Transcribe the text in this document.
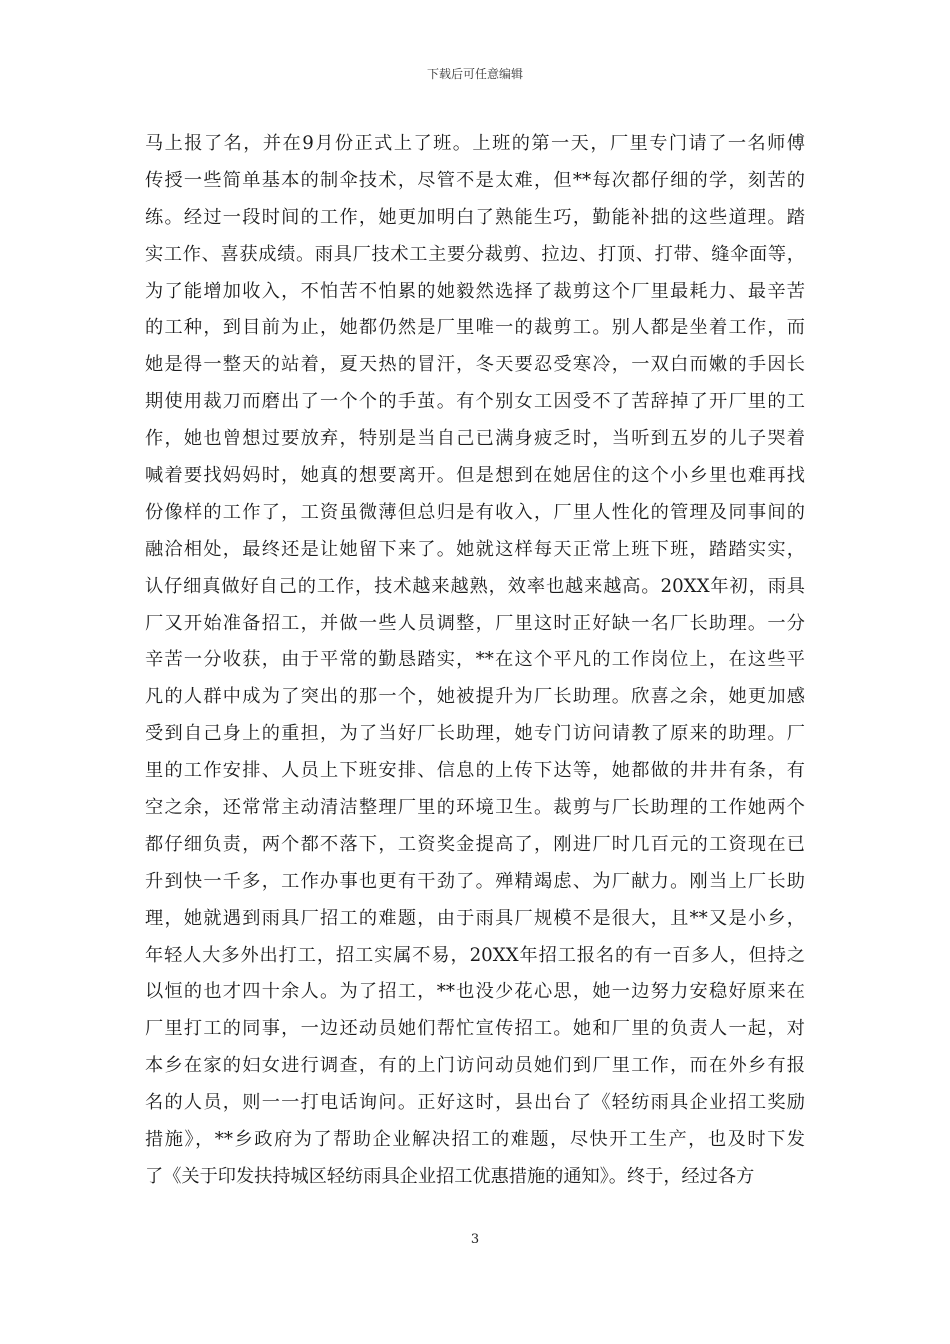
下载后可任意编辑
马上报了名，并在9月份正式上了班。上班的第一天，厂里专门请了一名师傅
传授一些简单基本的制伞技术，尽管不是太难，但**每次都仔细的学，刻苦的
练。经过一段时间的工作，她更加明白了熟能生巧，勤能补拙的这些道理。踏
实工作、喜获成绩。雨具厂技术工主要分裁剪、拉边、打顶、打带、缝伞面等，
为了能增加收入，不怕苦不怕累的她毅然选择了裁剪这个厂里最耗力、最辛苦
的工种，到目前为止，她都仍然是厂里唯一的裁剪工。别人都是坐着工作，而
她是得一整天的站着，夏天热的冒汗，冬天要忍受寒冷，一双白而嫩的手因长
期使用裁刀而磨出了一个个的手茧。有个别女工因受不了苦辞掉了开厂里的工
作，她也曾想过要放弃，特别是当自己已满身疲乏时，当听到五岁的儿子哭着
喊着要找妈妈时，她真的想要离开。但是想到在她居住的这个小乡里也难再找
份像样的工作了，工资虽微薄但总归是有收入，厂里人性化的管理及同事间的
融洽相处，最终还是让她留下来了。她就这样每天正常上班下班，踏踏实实，
认仔细真做好自己的工作，技术越来越熟，效率也越来越高。20XX年初，雨具
厂又开始准备招工，并做一些人员调整，厂里这时正好缺一名厂长助理。一分
辛苦一分收获，由于平常的勤恳踏实，**在这个平凡的工作岗位上，在这些平
凡的人群中成为了突出的那一个，她被提升为厂长助理。欣喜之余，她更加感
受到自己身上的重担，为了当好厂长助理，她专门访问请教了原来的助理。厂
里的工作安排、人员上下班安排、信息的上传下达等，她都做的井井有条，有
空之余，还常常主动清洁整理厂里的环境卫生。裁剪与厂长助理的工作她两个
都仔细负责，两个都不落下，工资奖金提高了，刚进厂时几百元的工资现在已
升到快一千多，工作办事也更有干劲了。殚精竭虑、为厂献力。刚当上厂长助
理，她就遇到雨具厂招工的难题，由于雨具厂规模不是很大，且**又是小乡，
年轻人大多外出打工，招工实属不易，20XX年招工报名的有一百多人，但持之
以恒的也才四十余人。为了招工，**也没少花心思，她一边努力安稳好原来在
厂里打工的同事，一边还动员她们帮忙宣传招工。她和厂里的负责人一起，对
本乡在家的妇女进行调查，有的上门访问动员她们到厂里工作，而在外乡有报
名的人员，则一一打电话询问。正好这时，县出台了《轻纺雨具企业招工奖励
措施》，**乡政府为了帮助企业解决招工的难题，尽快开工生产，也及时下发
了《关于印发扶持城区轻纺雨具企业招工优惠措施的通知》。终于，经过各方
3
